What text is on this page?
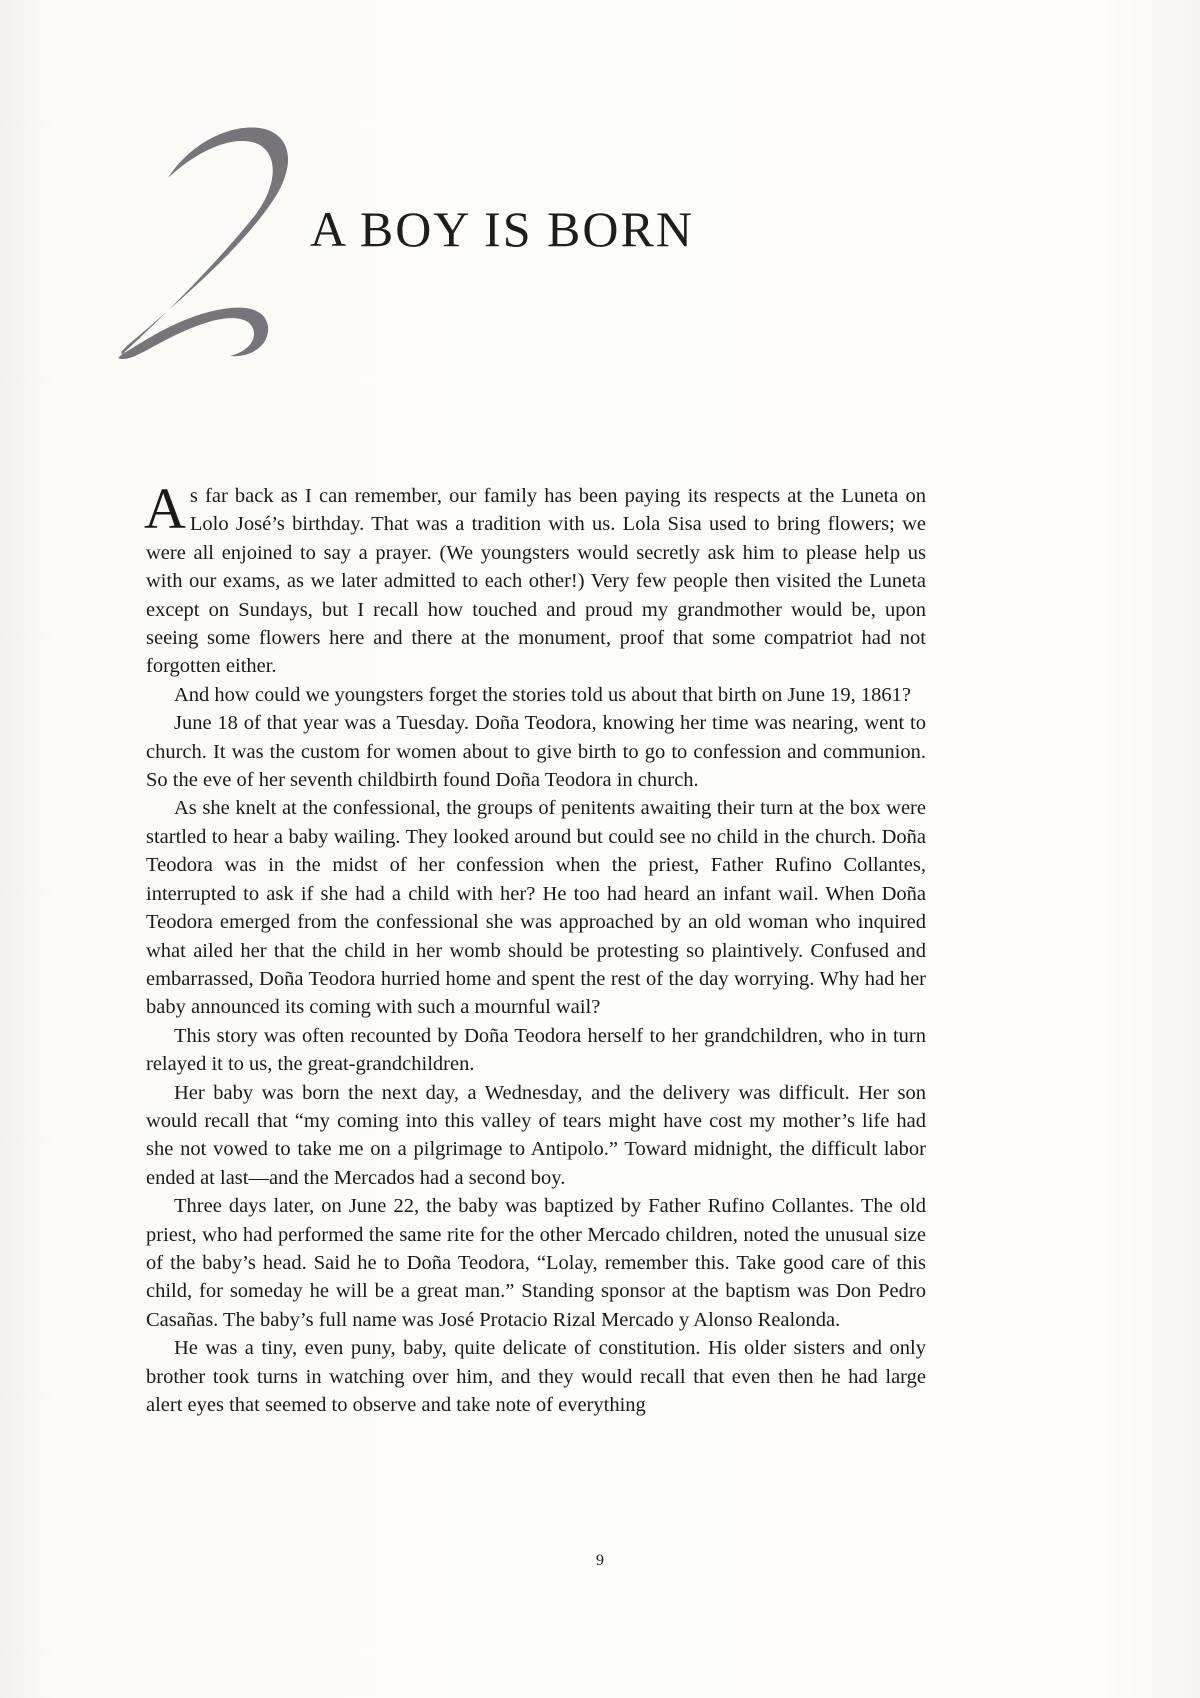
A BOY IS BORN

As far back as I can remember, our family has been paying its respects at the Luneta on Lolo José’s birthday. That was a tradition with us. Lola Sisa used to bring flowers; we were all enjoined to say a prayer. (We youngsters would secretly ask him to please help us with our exams, as we later admitted to each other!) Very few people then visited the Luneta except on Sundays, but I recall how touched and proud my grandmother would be, upon seeing some flowers here and there at the monument, proof that some compatriot had not forgotten either.

And how could we youngsters forget the stories told us about that birth on June 19, 1861?

June 18 of that year was a Tuesday. Doña Teodora, knowing her time was nearing, went to church. It was the custom for women about to give birth to go to confession and communion. So the eve of her seventh childbirth found Doña Teodora in church.

As she knelt at the confessional, the groups of penitents awaiting their turn at the box were startled to hear a baby wailing. They looked around but could see no child in the church. Doña Teodora was in the midst of her confession when the priest, Father Rufino Collantes, interrupted to ask if she had a child with her? He too had heard an infant wail. When Doña Teodora emerged from the confessional she was approached by an old woman who inquired what ailed her that the child in her womb should be protesting so plaintively. Confused and embarrassed, Doña Teodora hurried home and spent the rest of the day worrying. Why had her baby announced its coming with such a mournful wail?

This story was often recounted by Doña Teodora herself to her grandchildren, who in turn relayed it to us, the great-grandchildren.

Her baby was born the next day, a Wednesday, and the delivery was difficult. Her son would recall that “my coming into this valley of tears might have cost my mother’s life had she not vowed to take me on a pilgrimage to Antipolo.” Toward midnight, the difficult labor ended at last—and the Mercados had a second boy.

Three days later, on June 22, the baby was baptized by Father Rufino Collantes. The old priest, who had performed the same rite for the other Mercado children, noted the unusual size of the baby’s head. Said he to Doña Teodora, “Lolay, remember this. Take good care of this child, for someday he will be a great man.” Standing sponsor at the baptism was Don Pedro Casañas. The baby’s full name was José Protacio Rizal Mercado y Alonso Realonda.

He was a tiny, even puny, baby, quite delicate of constitution. His older sisters and only brother took turns in watching over him, and they would recall that even then he had large alert eyes that seemed to observe and take note of everything

9
